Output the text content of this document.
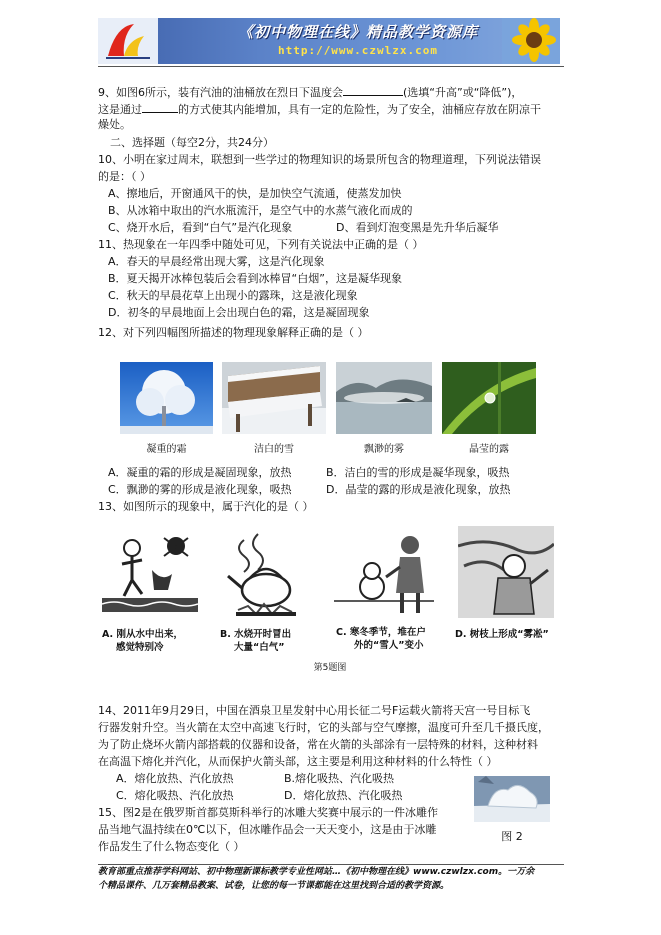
《初中物理在线》精品教学资源库
http://www.czwlzx.com
9、如图6所示，装有汽油的油桶放在烈日下温度会	(选填“升高”或“降低”)，
这是通过	的方式使其内能增加，具有一定的危险性，为了安全，油桶应存放在阴凉干
燥处。
二、选择题（每空2分，共24分）
10、小明在家过周末，联想到一些学过的物理知识的场景所包含的物理道理，下列说法错误
的是：（ ）
A、擦地后，开窗通风干的快，是加快空气流通，使蒸发加快
B、从冰箱中取出的汽水瓶流汗，是空气中的水蒸气液化而成的
C、烧开水后，看到“白气”是汽化现象	D、看到灯泡变黑是先升华后凝华
11、热现象在一年四季中随处可见，下列有关说法中正确的是（ ）
A．春天的早晨经常出现大雾，这是汽化现象
B．夏天揭开冰棒包装后会看到冰棒冒“白烟”，这是凝华现象
C．秋天的早晨花草上出现小的露珠，这是液化现象
D．初冬的早晨地面上会出现白色的霜，这是凝固现象
12、对下列四幅图所描述的物理现象解释正确的是（ ）
凝重的霜	洁白的雪	飘渺的雾	晶莹的露
A．凝重的霜的形成是凝固现象，放热	B．洁白的雪的形成是凝华现象，吸热
C．飘渺的雾的形成是液化现象，吸热	D．晶莹的露的形成是液化现象，放热
13、如图所示的现象中，属于汽化的是（ ）
A. 刚从水中出来，
感觉特别冷
B. 水烧开时冒出
大量“白气”
C. 寒冬季节，堆在户
外的“雪人”变小
D. 树枝上形成“雾凇”
第5题图
14、2011年9月29日，中国在酒泉卫星发射中心用长征二号F运载火箭将天宫一号目标飞
行器发射升空。当火箭在太空中高速飞行时，它的头部与空气摩擦，温度可升至几千摄氏度，
为了防止烧坏火箭内部搭载的仪器和设备，常在火箭的头部涂有一层特殊的材料，这种材料
在高温下熔化并汽化，从而保护火箭头部，这主要是利用这种材料的什么特性（ ）
A．熔化放热、汽化放热	B.熔化吸热、汽化吸热
C．熔化吸热、汽化放热	D．熔化放热、汽化吸热
15、图2是在俄罗斯首都莫斯科举行的冰雕大奖赛中展示的一件冰雕作
品当地气温持续在0℃以下，但冰雕作品会一天天变小，这是由于冰雕
作品发生了什么物态变化（ ）
图 2
教育部重点推荐学科网站、初中物理新课标教学专业性网站…《初中物理在线》www.czwlzx.com。一万余
个精品课件、几万套精品教案、试卷，让您的每一节课都能在这里找到合适的教学资源。
